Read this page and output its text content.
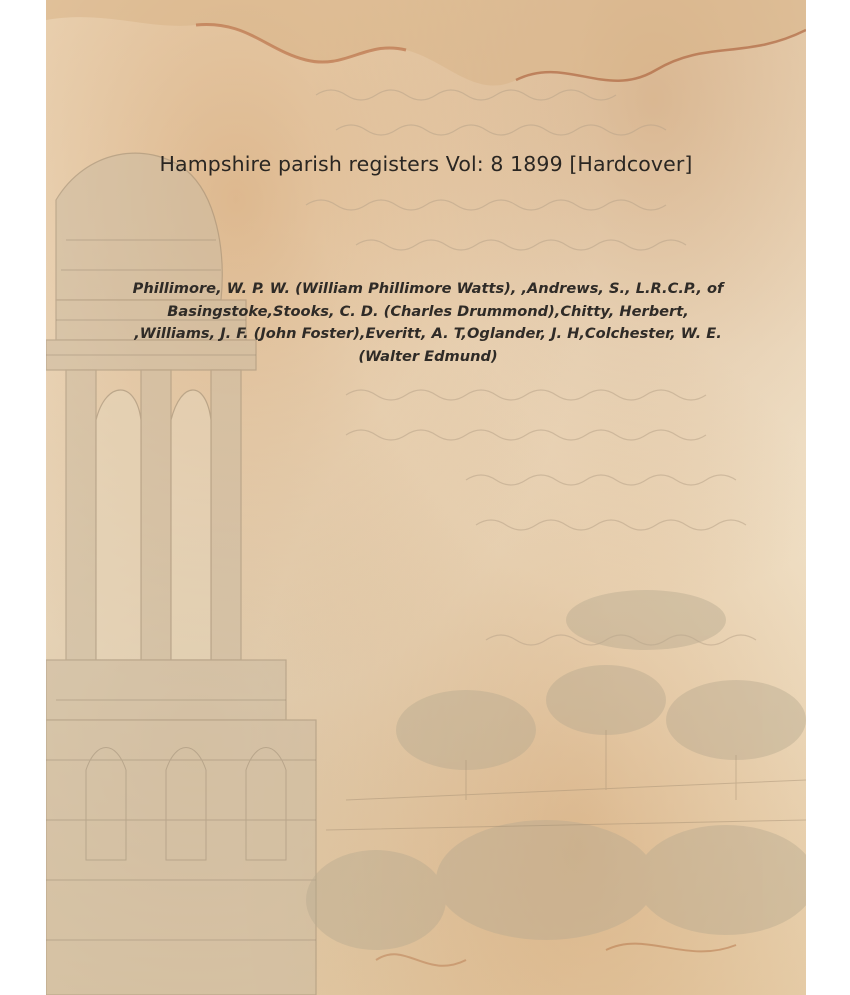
Hampshire parish registers Vol: 8 1899 [Hardcover]
Phillimore, W. P. W. (William Phillimore Watts), ,Andrews, S., L.R.C.P., of Basingstoke,Stooks, C. D. (Charles Drummond),Chitty, Herbert, ,Williams, J. F. (John Foster),Everitt, A. T,Oglander, J. H,Colchester, W. E. (Walter Edmund)
